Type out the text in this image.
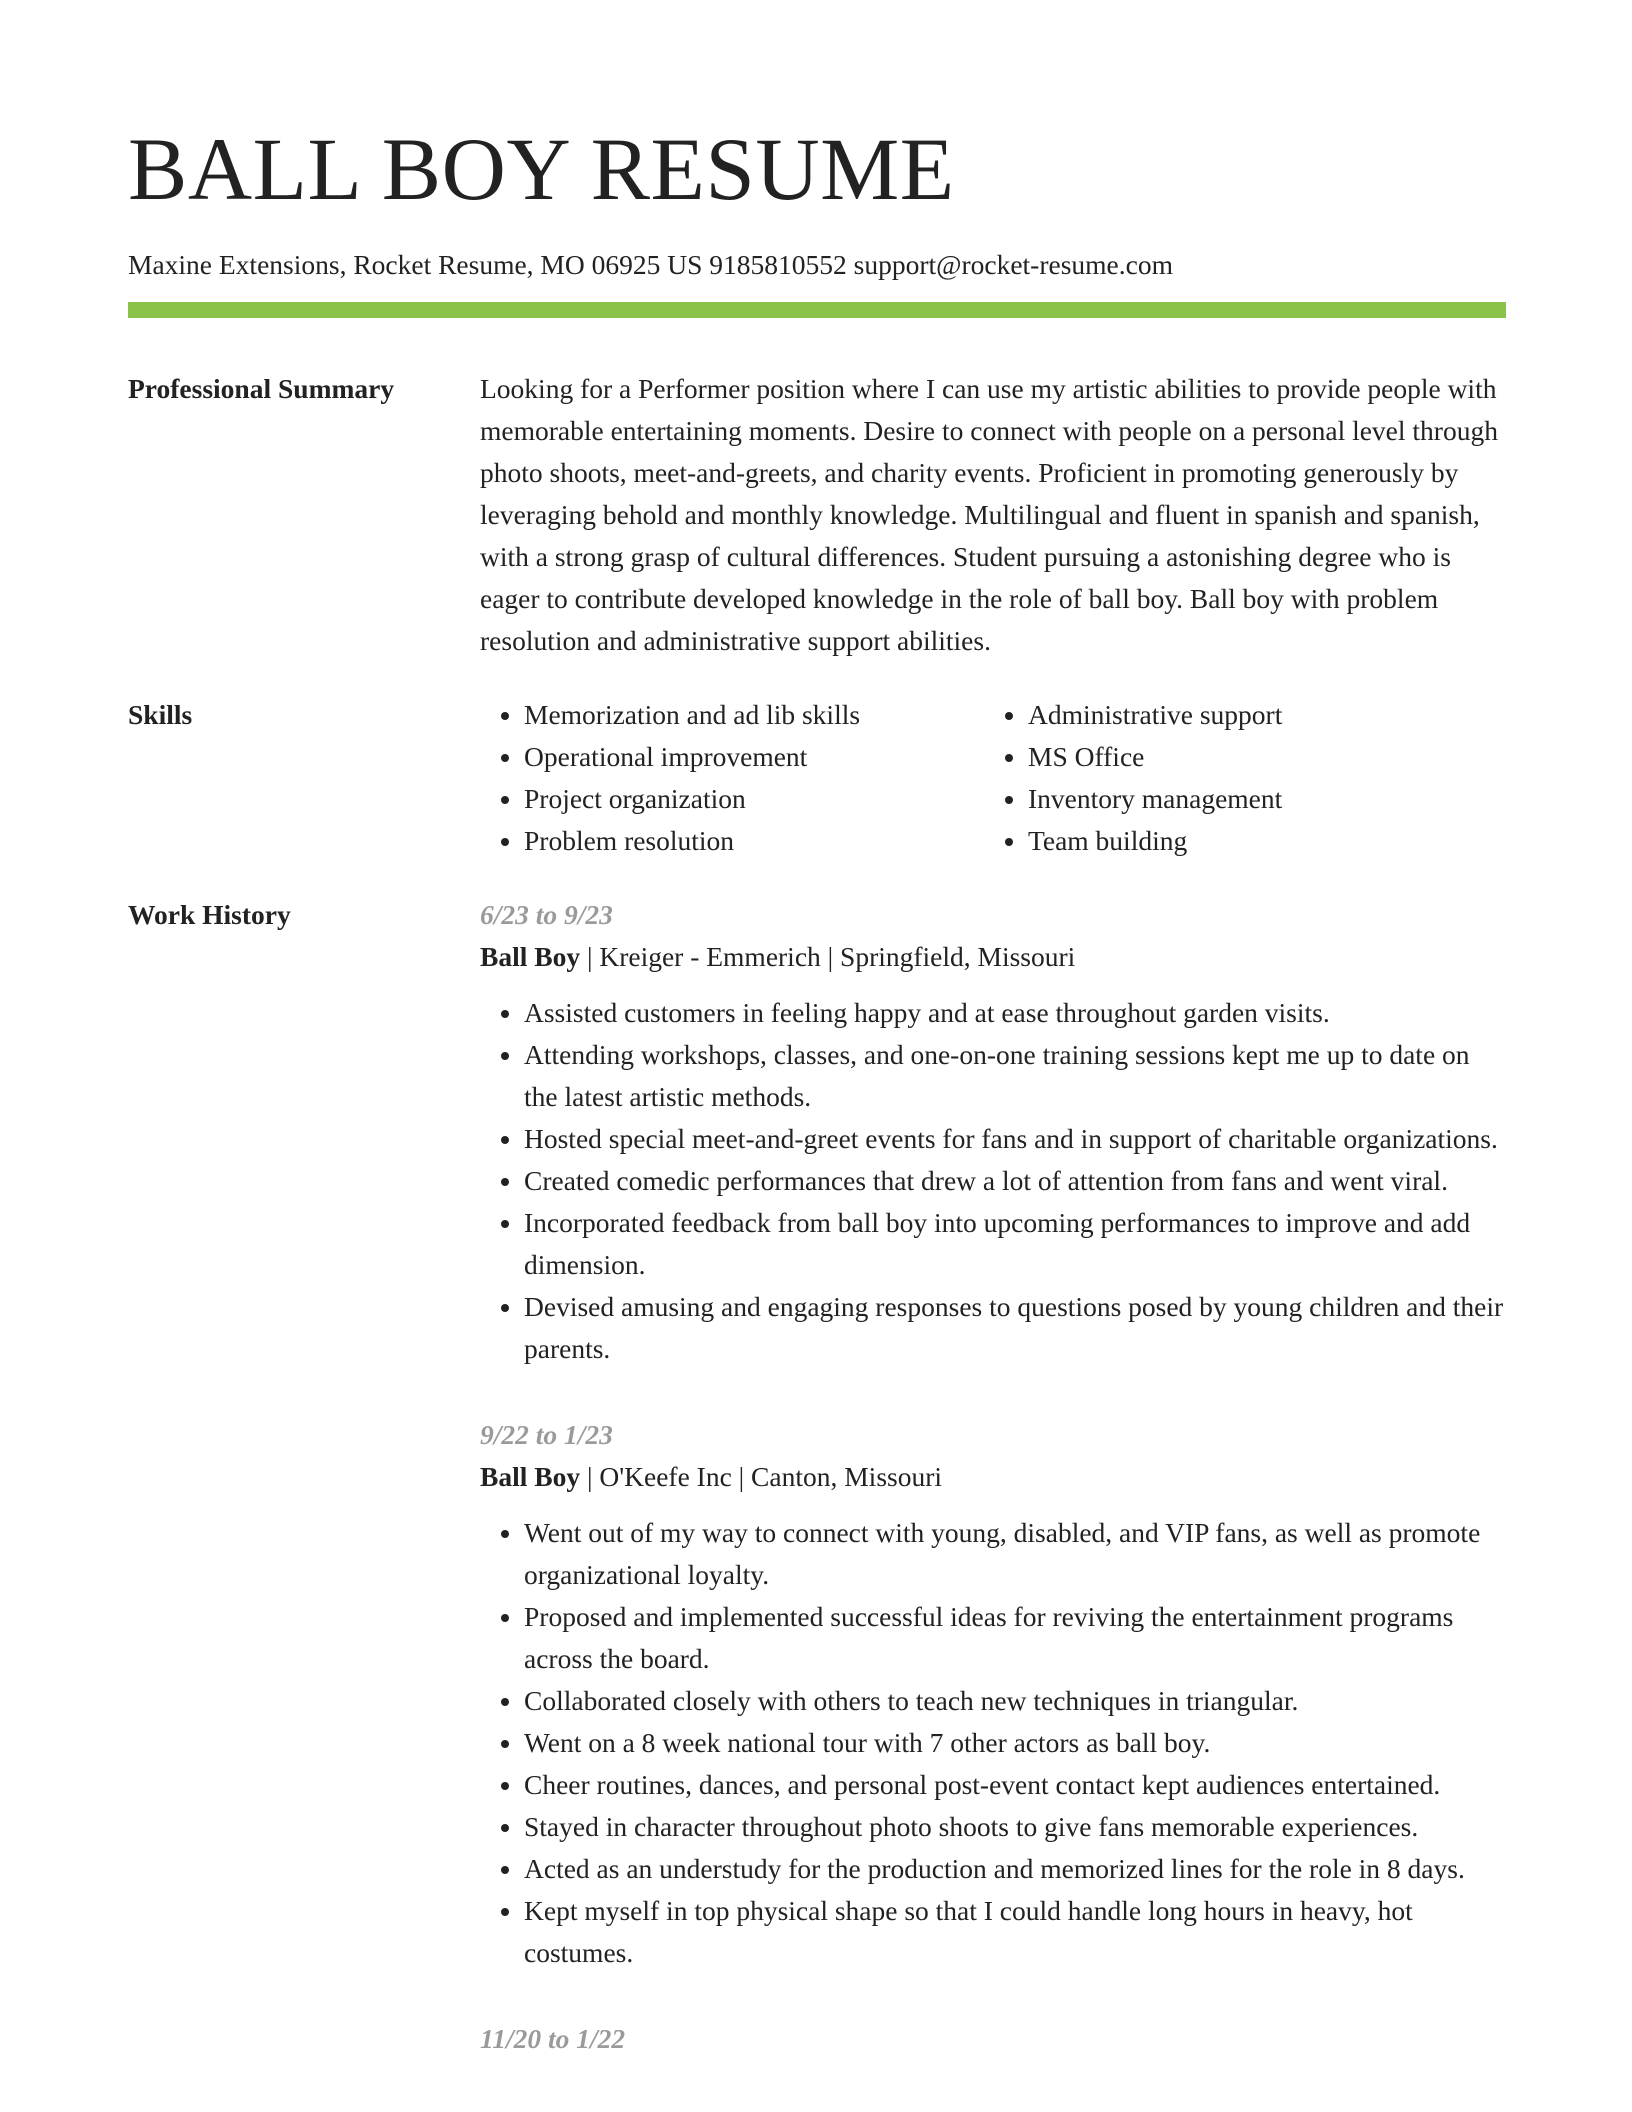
BALL BOY RESUME
Maxine Extensions, Rocket Resume, MO 06925 US 9185810552 support@rocket-resume.com
Professional Summary	Looking for a Performer position where I can use my artistic abilities to provide people with memorable entertaining moments. Desire to connect with people on a personal level through photo shoots, meet-and-greets, and charity events. Proficient in promoting generously by leveraging behold and monthly knowledge. Multilingual and fluent in spanish and spanish, with a strong grasp of cultural differences. Student pursuing a astonishing degree who is eager to contribute developed knowledge in the role of ball boy. Ball boy with problem resolution and administrative support abilities.

Skills
•	Memorization and ad lib skills
• Operational improvement
• Project organization
• Problem resolution
• Administrative support
• MS Office
• Inventory management
• Team building
Work History	6/23 to 9/23
Ball Boy | Kreiger - Emmerich | Springfield, Missouri
• Assisted customers in feeling happy and at ease throughout garden visits.
• Attending workshops, classes, and one-on-one training sessions kept me up to date on the latest artistic methods.
• Hosted special meet-and-greet events for fans and in support of charitable organizations.
• Created comedic performances that drew a lot of attention from fans and went viral.
• Incorporated feedback from ball boy into upcoming performances to improve and add dimension.
• Devised amusing and engaging responses to questions posed by young children and their parents.
9/22 to 1/23
Ball Boy | O'Keefe Inc | Canton, Missouri
• Went out of my way to connect with young, disabled, and VIP fans, as well as promote organizational loyalty.
• Proposed and implemented successful ideas for reviving the entertainment programs across the board.
• Collaborated closely with others to teach new techniques in triangular.
• Went on a 8 week national tour with 7 other actors as ball boy.
• Cheer routines, dances, and personal post-event contact kept audiences entertained.
• Stayed in character throughout photo shoots to give fans memorable experiences.
• Acted as an understudy for the production and memorized lines for the role in 8 days.
• Kept myself in top physical shape so that I could handle long hours in heavy, hot costumes.
11/20 to 1/22
